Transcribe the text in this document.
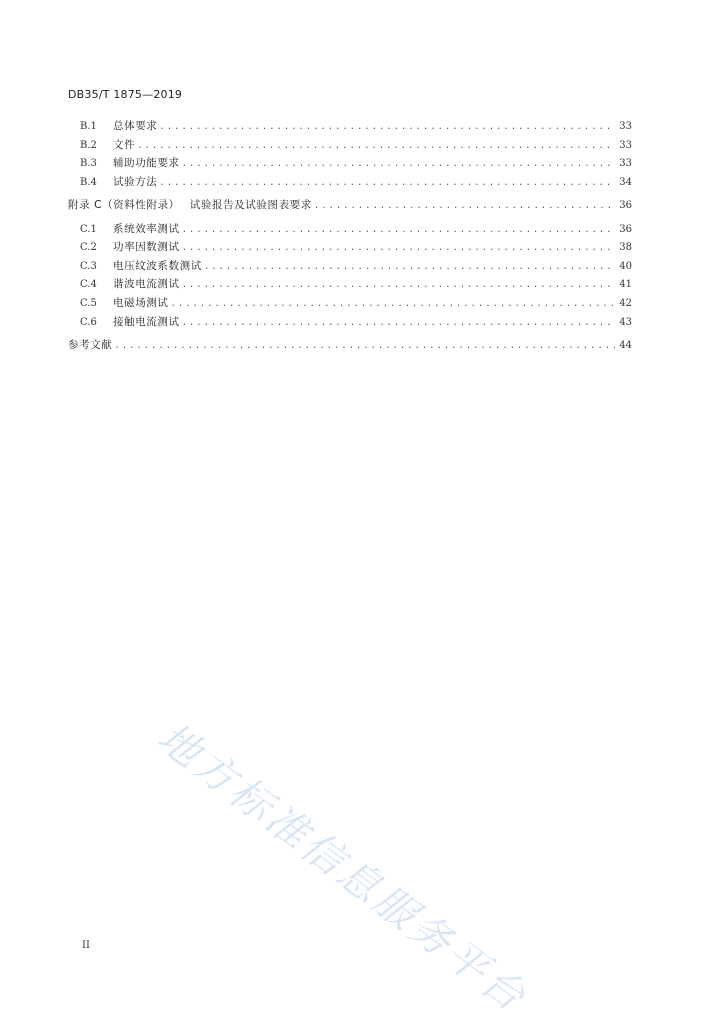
DB35/T 1875—2019
B.1	总体要求 .....	33
B.2	文件 .....	33
B.3	辅助功能要求 .....	33
B.4	试验方法 .....	34
附录 C（资料性附录） 试验报告及试验图表要求 .....	36
C.1	系统效率测试 .....	36
C.2	功率因数测试 .....	38
C.3	电压纹波系数测试 .....	40
C.4	谐波电流测试 .....	41
C.5	电磁场测试 .....	42
C.6	接触电流测试 .....	43
参考文献 .....	44
地方标准信息服务平台
II
